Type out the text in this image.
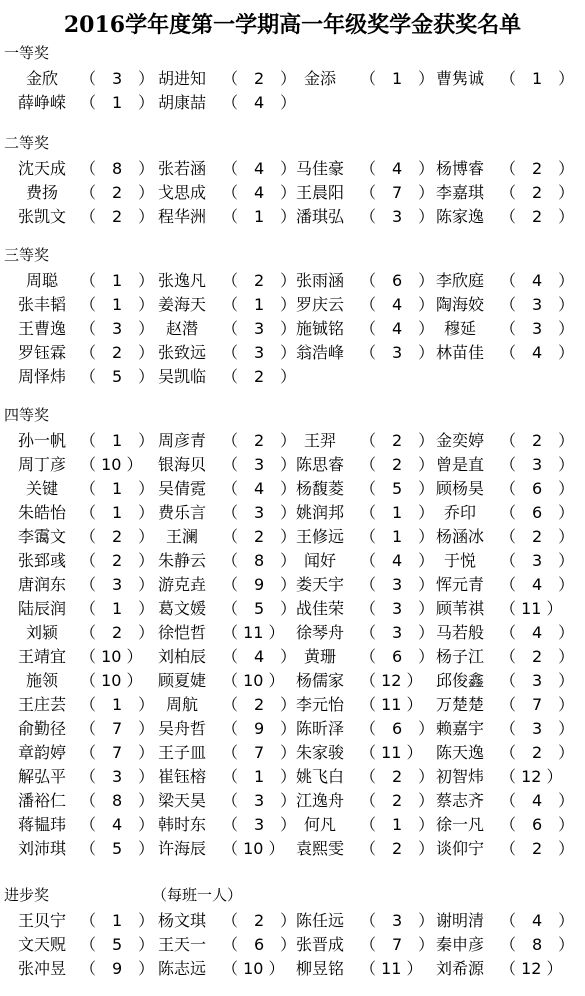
2016学年度第一学期高一年级奖学金获奖名单
一等奖
金欣	（　3　） 胡进知	（　2　） 金添	（　1　） 曹隽诚	（　1　）
薛峥嵘 （　1　） 胡康喆	（　4　）
二等奖
沈天成 （　8　） 张若涵	（　4　） 马佳豪	（　4　） 杨博睿	（　2　）
费扬	（　2　） 戈思成	（　4　） 王晨阳	（　7　） 李嘉琪	（　2　）
张凯文 （　2　） 程华洲	（　1　） 潘琪弘	（　3　） 陈家逸	（　2　）
三等奖
周聪	（　1　） 张逸凡	（　2　） 张雨涵	（　6　） 李欣庭	（　4　）
张丰韬 （　1　） 姜海天	（　1　） 罗庆云	（　4　） 陶海姣	（　3　）
王曹逸 （　3　） 赵潜	（　3　） 施铖铭	（　4　） 穆延	（　3　）
罗钰霖 （　2　） 张致远	（　3　） 翁浩峰	（　3　） 林苗佳	（　4　）
周怿炜 （　5　） 吴凯临	（　2　）
四等奖
孙一帆 （　1　） 周彦青	（　2　） 王羿	（　2　） 金奕婷	（　2　）
周丁彦 （ 10 ） 银海贝	（　3　） 陈思睿	（　2　） 曾是直	（　3　）
关键	（　1　） 吴倩霓	（　4　） 杨馥菱	（　5　） 顾杨昊	（　6　）
朱皓怡 （　1　） 费乐言	（　3　） 姚润邦	（　1　） 乔印	（　6　）
李霭文 （　2　） 王澜	（　2　） 王修远	（　1　） 杨涵冰	（　2　）
张郅彧 （　2　） 朱静云	（　8　） 闻好	（　4　） 于悦	（　3　）
唐润东 （　3　） 游克垚	（　9　） 娄天宇	（　3　） 恽元青	（　4　）
陆辰润 （　1　） 葛文媛	（　5　） 战佳荣	（　3　） 顾苇祺	（ 11 ）
刘颍	（　2　） 徐恺哲	（ 11 ） 徐琴舟	（　3　） 马若般	（　4　）
王靖宜 （ 10 ） 刘柏辰	（　4　） 黄珊	（　6　） 杨子江	（　2　）
施领	（ 10 ） 顾夏婕	（ 10 ） 杨儒家	（ 12 ） 邱俊鑫	（　3　）
王庄芸 （　1　） 周航	（　2　） 李元怡	（ 11 ） 万楚楚	（　7　）
俞勤径 （　7　） 吴舟哲	（　9　） 陈昕泽	（　6　） 赖嘉宇	（　3　）
章韵婷 （　7　） 王子皿	（　7　） 朱家骏	（ 11 ） 陈天逸	（　2　）
解弘平 （　3　） 崔钰榕	（　1　） 姚飞白	（　2　） 初智炜	（ 12 ）
潘裕仁 （　8　） 梁天昊	（　3　） 江逸舟	（　2　） 蔡志齐	（　4　）
蒋韫玮 （　4　） 韩时东	（　3　） 何凡	（　1　） 徐一凡	（　6　）
刘沛琪 （　5　） 许海辰	（ 10 ） 袁熙雯	（　2　） 谈仰宁	（　2　）
进步奖	（每班一人）
王贝宁 （　1　） 杨文琪	（　2　） 陈任远	（　3　） 谢明清	（　4　）
文天贶 （　5　） 王天一	（　6　） 张晋成	（　7　） 秦申彦	（　8　）
张冲昱 （　9　） 陈志远	（ 10 ） 柳昱铭	（ 11 ） 刘希源	（ 12 ）
